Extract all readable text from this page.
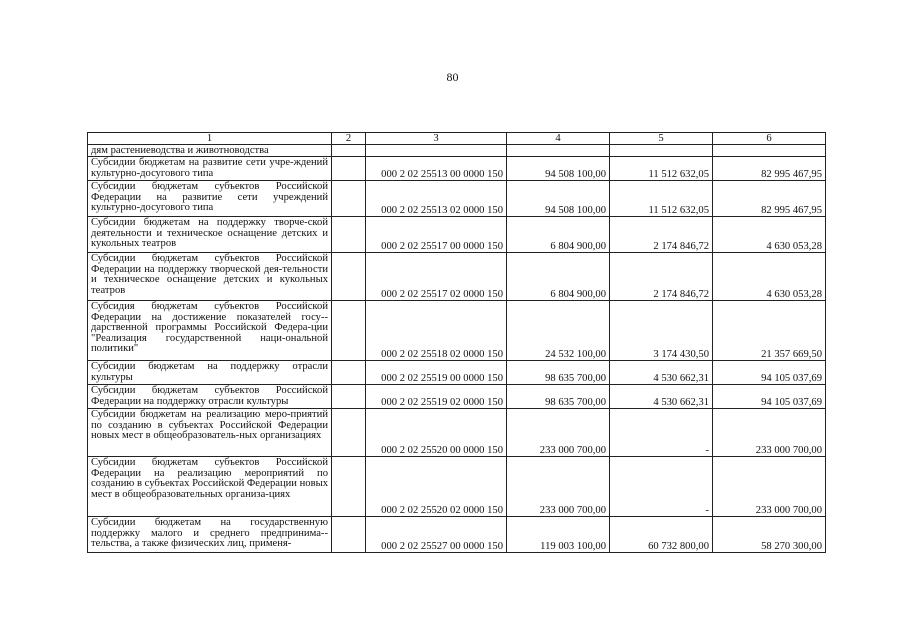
80
1	2	3	4	5	6
дям растениеводства и животноводства					
Субсидии бюджетам на развитие сети учре-ждений культурно-досугового типа		000 2 02 25513 00 0000 150	94 508 100,00	11 512 632,05	82 995 467,95
Субсидии бюджетам субъектов Российской Федерации на развитие сети учреждений культурно-досугового типа		000 2 02 25513 02 0000 150	94 508 100,00	11 512 632,05	82 995 467,95
Субсидии бюджетам на поддержку творче-ской деятельности и техническое оснащение детских и кукольных театров		000 2 02 25517 00 0000 150	6 804 900,00	2 174 846,72	4 630 053,28
Субсидии бюджетам субъектов Российской Федерации на поддержку творческой дея-тельности и техническое оснащение детских и кукольных театров		000 2 02 25517 02 0000 150	6 804 900,00	2 174 846,72	4 630 053,28
Субсидия бюджетам субъектов Российской Федерации на достижение показателей госу-дарственной программы Российской Федера-ции "Реализация государственной наци-ональной политики"		000 2 02 25518 02 0000 150	24 532 100,00	3 174 430,50	21 357 669,50
Субсидии бюджетам на поддержку отрасли культуры		000 2 02 25519 00 0000 150	98 635 700,00	4 530 662,31	94 105 037,69
Субсидии бюджетам субъектов Российской Федерации на поддержку отрасли культуры		000 2 02 25519 02 0000 150	98 635 700,00	4 530 662,31	94 105 037,69
Субсидии бюджетам на реализацию меро-приятий по созданию в субъектах Российской Федерации новых мест в общеобразователь-ных организациях		000 2 02 25520 00 0000 150	233 000 700,00	-	233 000 700,00
Субсидии бюджетам субъектов Российской Федерации на реализацию мероприятий по созданию в субъектах Российской Федерации новых мест в общеобразовательных организа-циях		000 2 02 25520 02 0000 150	233 000 700,00	-	233 000 700,00
Субсидии бюджетам на государственную поддержку малого и среднего предпринима-тельства, а также физических лиц, применя-		000 2 02 25527 00 0000 150	119 003 100,00	60 732 800,00	58 270 300,00
